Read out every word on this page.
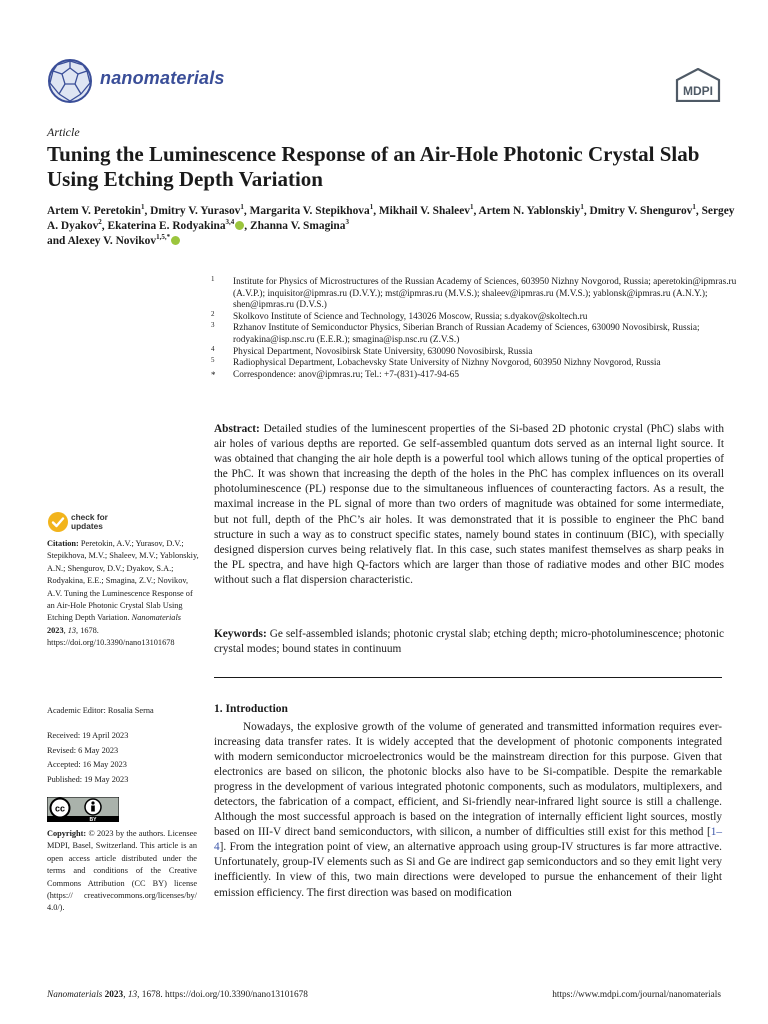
nanomaterials
MDPI
Article
Tuning the Luminescence Response of an Air-Hole Photonic Crystal Slab Using Etching Depth Variation
Artem V. Peretokin$^1$, Dmitry V. Yurasov$^1$, Margarita V. Stepikhova$^1$, Mikhail V. Shaleev$^1$, Artem N. Yablonskiy$^1$, Dmitry V. Shengurov$^1$, Sergey A. Dyakov$^2$, Ekaterina E. Rodyakina$^{3,4}$ , Zhanna V. Smagina$^3$
and Alexey V. Novikov$^{1,5,*}$
1 Institute for Physics of Microstructures of the Russian Academy of Sciences, 603950 Nizhny Novgorod, Russia; aperetokin@ipmras.ru (A.V.P.); inquisitor@ipmras.ru (D.V.Y.); mst@ipmras.ru (M.V.S.); shaleev@ipmras.ru (M.V.S.); yablonsk@ipmras.ru (A.N.Y.); shen@ipmras.ru (D.V.S.)
2 Skolkovo Institute of Science and Technology, 143026 Moscow, Russia; s.dyakov@skoltech.ru
3 Rzhanov Institute of Semiconductor Physics, Siberian Branch of Russian Academy of Sciences, 630090 Novosibirsk, Russia; rodyakina@isp.nsc.ru (E.E.R.); smagina@isp.nsc.ru (Z.V.S.)
4 Physical Department, Novosibirsk State University, 630090 Novosibirsk, Russia
5 Radiophysical Department, Lobachevsky State University of Nizhny Novgorod, 603950 Nizhny Novgorod, Russia
* Correspondence: anov@ipmras.ru; Tel.: +7-(831)-417-94-65
Abstract: Detailed studies of the luminescent properties of the Si-based 2D photonic crystal (PhC) slabs with air holes of various depths are reported. Ge self-assembled quantum dots served as an internal light source. It was obtained that changing the air hole depth is a powerful tool which allows tuning of the optical properties of the PhC. It was shown that increasing the depth of the holes in the PhC has complex influences on its overall photoluminescence (PL) response due to the simultaneous influences of counteracting factors. As a result, the maximal increase in the PL signal of more than two orders of magnitude was obtained for some intermediate, but not full, depth of the PhC’s air holes. It was demonstrated that it is possible to engineer the PhC band structure in such a way as to construct specific states, namely bound states in continuum (BIC), with specially designed dispersion curves being relatively flat. In this case, such states manifest themselves as sharp peaks in the PL spectra, and have high Q-factors which are larger than those of radiative modes and other BIC modes without such a flat dispersion characteristic.
Keywords: Ge self-assembled islands; photonic crystal slab; etching depth; micro-photoluminescence; photonic crystal modes; bound states in continuum
1. Introduction
Nowadays, the explosive growth of the volume of generated and transmitted information requires ever-increasing data transfer rates. It is widely accepted that the development of photonic components integrated with modern semiconductor microelectronics would be the mainstream direction for this purpose. Given that electronics are based on silicon, the photonic blocks also have to be Si-compatible. Despite the remarkable progress in the development of various integrated photonic components, such as modulators, multiplexers, and detectors, the fabrication of a compact, efficient, and Si-friendly near-infrared light source is still a challenge. Although the most successful approach is based on the integration of internally efficient light sources, mostly based on III-V direct band semiconductors, with silicon, a number of difficulties still exist for this method [1–4]. From the integration point of view, an alternative approach using group-IV structures is far more attractive. Unfortunately, group-IV elements such as Si and Ge are indirect gap semiconductors and so they emit light very inefficiently. In view of this, two main directions were developed to pursue the enhancement of their light emission efficiency. The first direction was based on modification
check for
updates
Citation: Peretokin, A.V.; Yurasov, D.V.; Stepikhova, M.V.; Shaleev, M.V.; Yablonskiy, A.N.; Shengurov, D.V.; Dyakov, S.A.; Rodyakina, E.E.; Smagina, Z.V.; Novikov, A.V. Tuning the Luminescence Response of an Air-Hole Photonic Crystal Slab Using Etching Depth Variation. Nanomaterials 2023, 13, 1678. https://doi.org/10.3390/nano13101678
Academic Editor: Rosalia Serna
Received: 19 April 2023
Revised: 6 May 2023
Accepted: 16 May 2023
Published: 19 May 2023
cc
BY
Copyright: © 2023 by the authors. Licensee MDPI, Basel, Switzerland. This article is an open access article distributed under the terms and conditions of the Creative Commons Attribution (CC BY) license (https:// creativecommons.org/licenses/by/ 4.0/).
Nanomaterials 2023, 13, 1678. https://doi.org/10.3390/nano13101678	https://www.mdpi.com/journal/nanomaterials
